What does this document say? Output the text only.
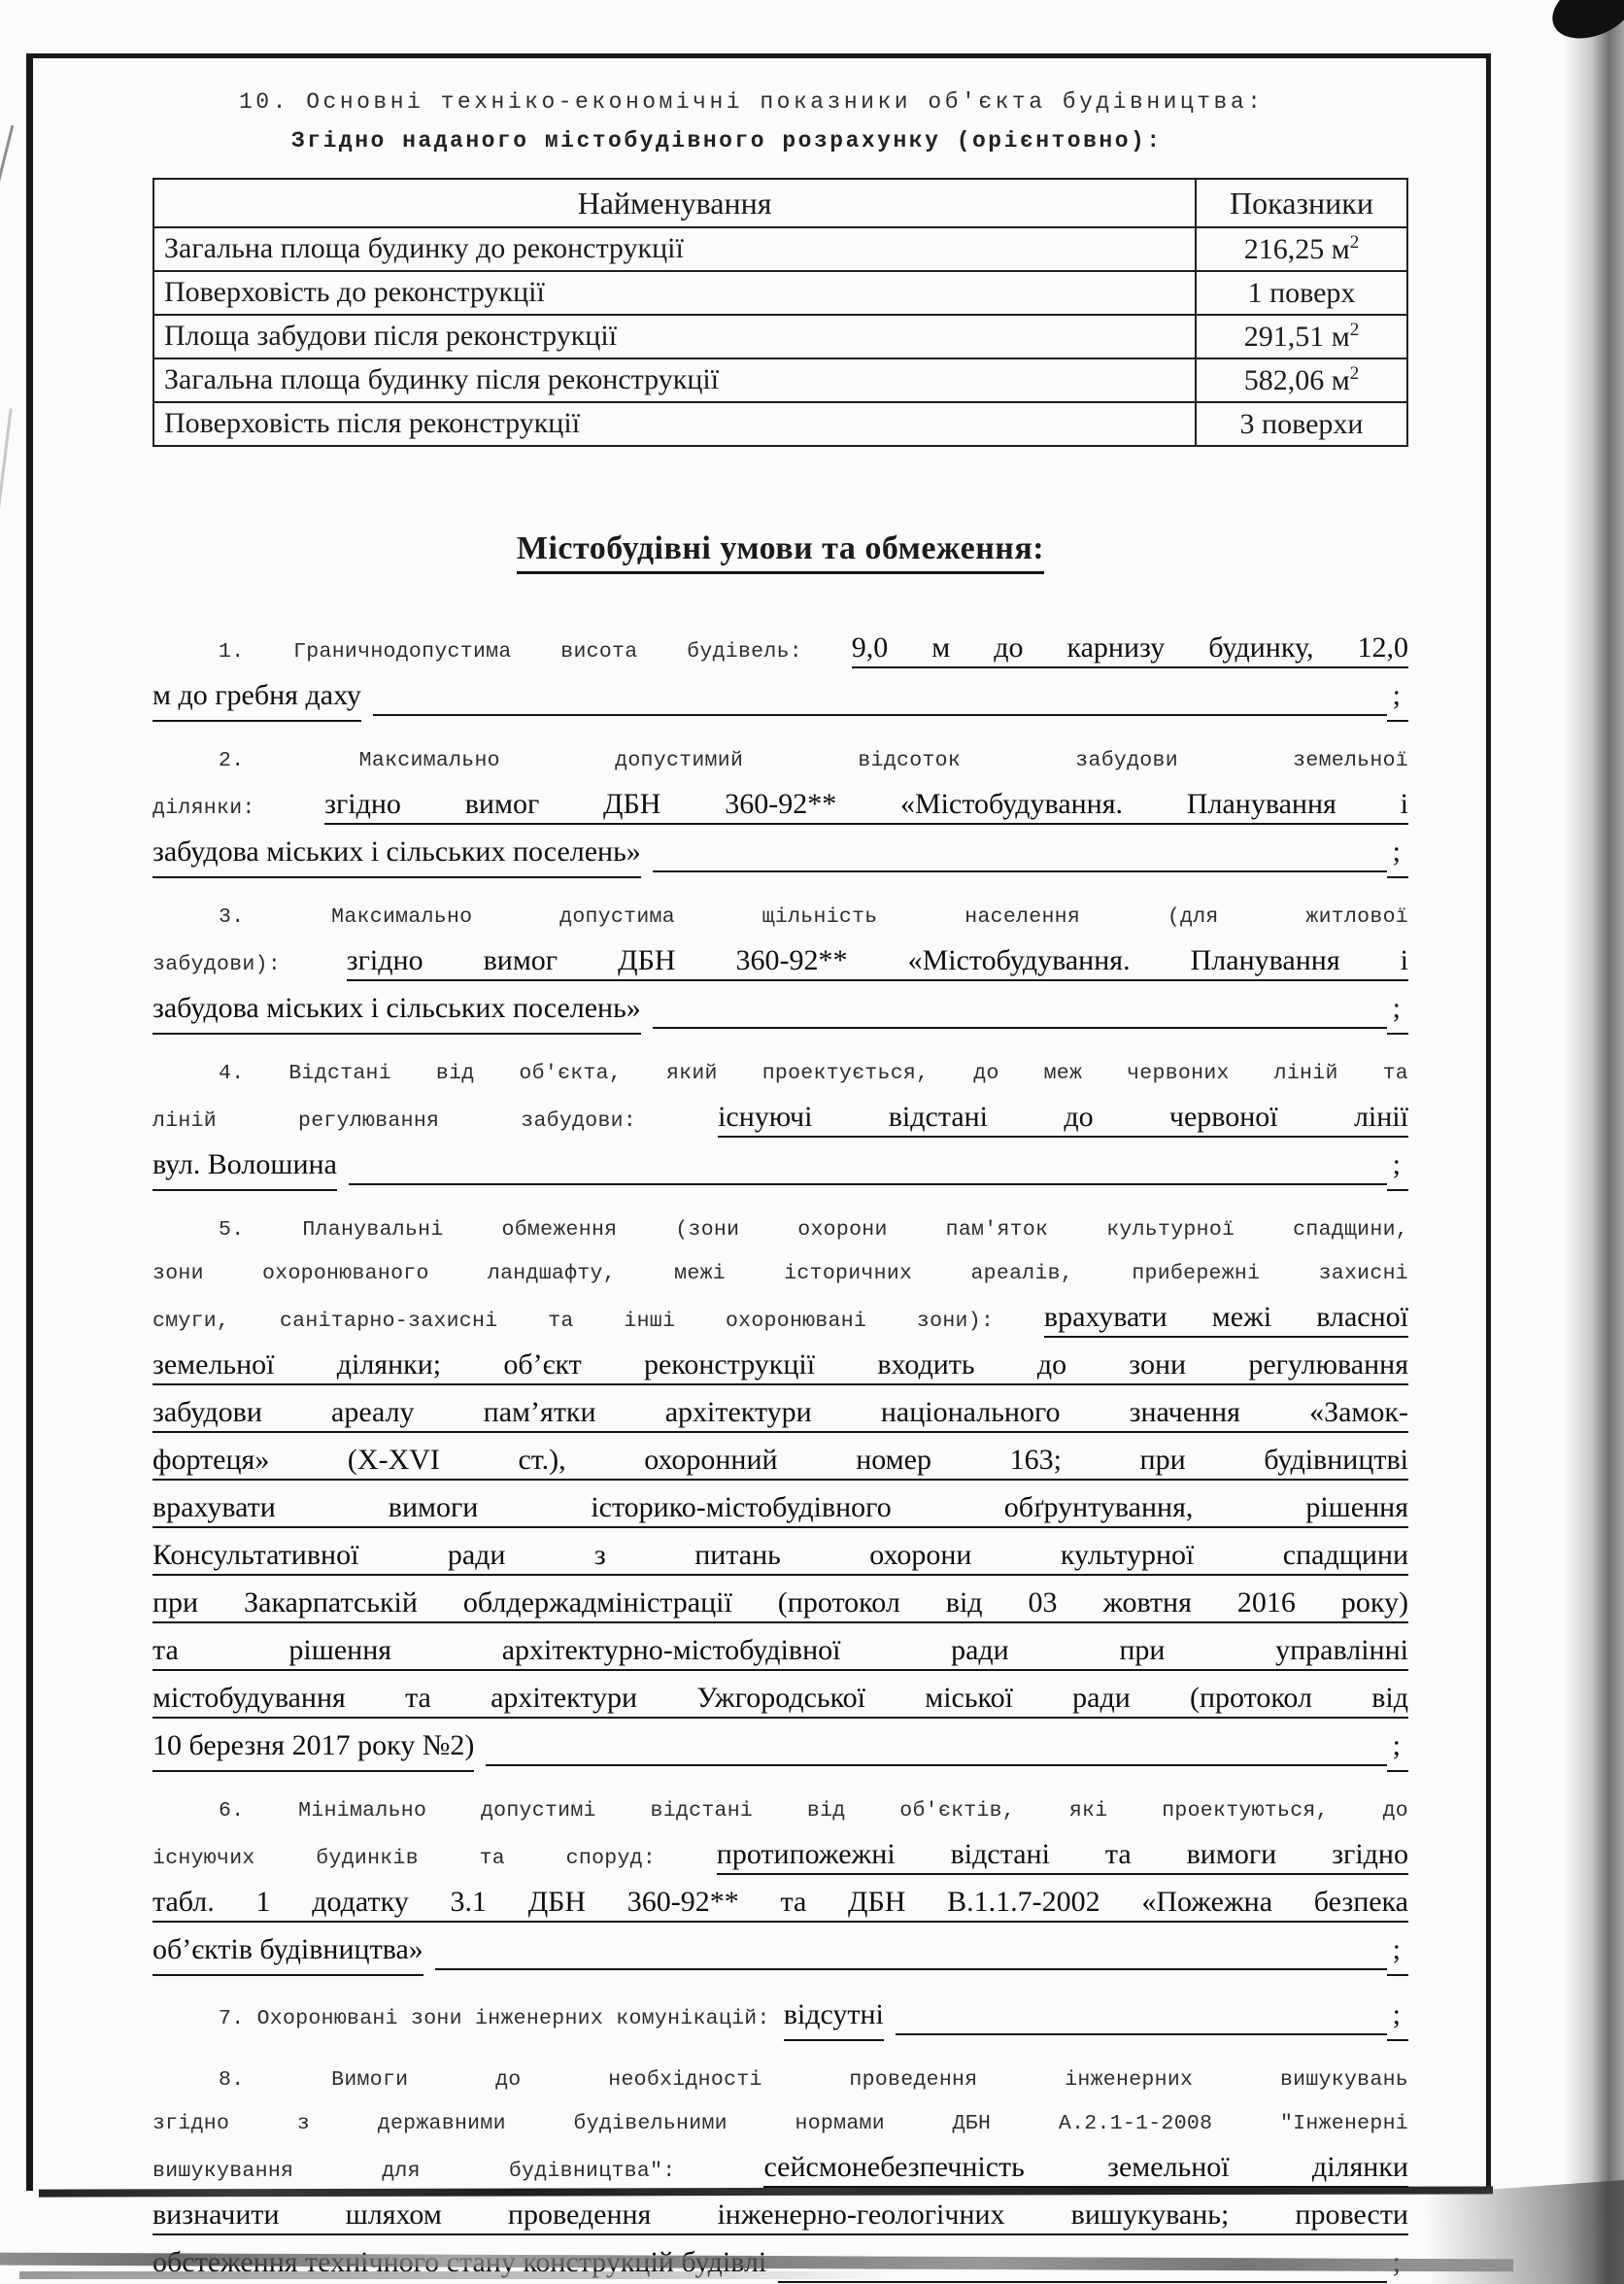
10. Основні техніко-економічні показники об'єкта будівництва:
Згідно наданого містобудівного розрахунку (орієнтовно):
Найменування	Показники
Загальна площа будинку до реконструкції	216,25 $м^2$
Поверховість до реконструкції	1 поверх
Площа забудови після реконструкції	291,51 $м^2$
Загальна площа будинку після реконструкції	582,06 $м^2$
Поверховість після реконструкції	3 поверхи
Містобудівні умови та обмеження:
1. Граничнодопустима висота будівель: 9,0 м до карнизу будинку, 12,0
м до гребня даху	;
2. Максимально допустимий відсоток забудови земельної
ділянки: згідно вимог ДБН 360-92** «Містобудування. Планування і
забудова міських і сільських поселень»	;
3. Максимально допустима щільність населення (для житлової
забудови): згідно вимог ДБН 360-92** «Містобудування. Планування і
забудова міських і сільських поселень»	;
4. Відстані від об'єкта, який проектується, до меж червоних ліній та
ліній регулювання забудови: існуючі відстані до червоної лінії
вул. Волошина	;
5. Планувальні обмеження (зони охорони пам'яток культурної спадщини,
зони охоронюваного ландшафту, межі історичних ареалів, прибережні захисні
смуги, санітарно-захисні та інші охоронювані зони): врахувати межі власної
земельної ділянки; об’єкт реконструкції входить до зони регулювання
забудови ареалу пам’ятки архітектури національного значення «Замок-
фортеця» (X-XVI ст.), охоронний номер 163; при будівництві
врахувати вимоги історико-містобудівного обґрунтування, рішення
Консультативної ради з питань охорони культурної спадщини
при Закарпатській облдержадміністрації (протокол від 03 жовтня 2016 року)
та рішення архітектурно-містобудівної ради при управлінні
містобудування та архітектури Ужгородської міської ради (протокол від
10 березня 2017 року №2)	;
6. Мінімально допустимі відстані від об'єктів, які проектуються, до
існуючих будинків та споруд: протипожежні відстані та вимоги згідно
табл. 1 додатку 3.1 ДБН 360-92** та ДБН В.1.1.7-2002 «Пожежна безпека
об’єктів будівництва»	;
7. Охоронювані зони інженерних комунікацій: відсутні	;
8. Вимоги до необхідності проведення інженерних вишукувань
згідно з державними будівельними нормами ДБН А.2.1-1-2008 "Інженерні
вишукування для будівництва": сейсмонебезпечність земельної ділянки
визначити шляхом проведення інженерно-геологічних вишукувань; провести
